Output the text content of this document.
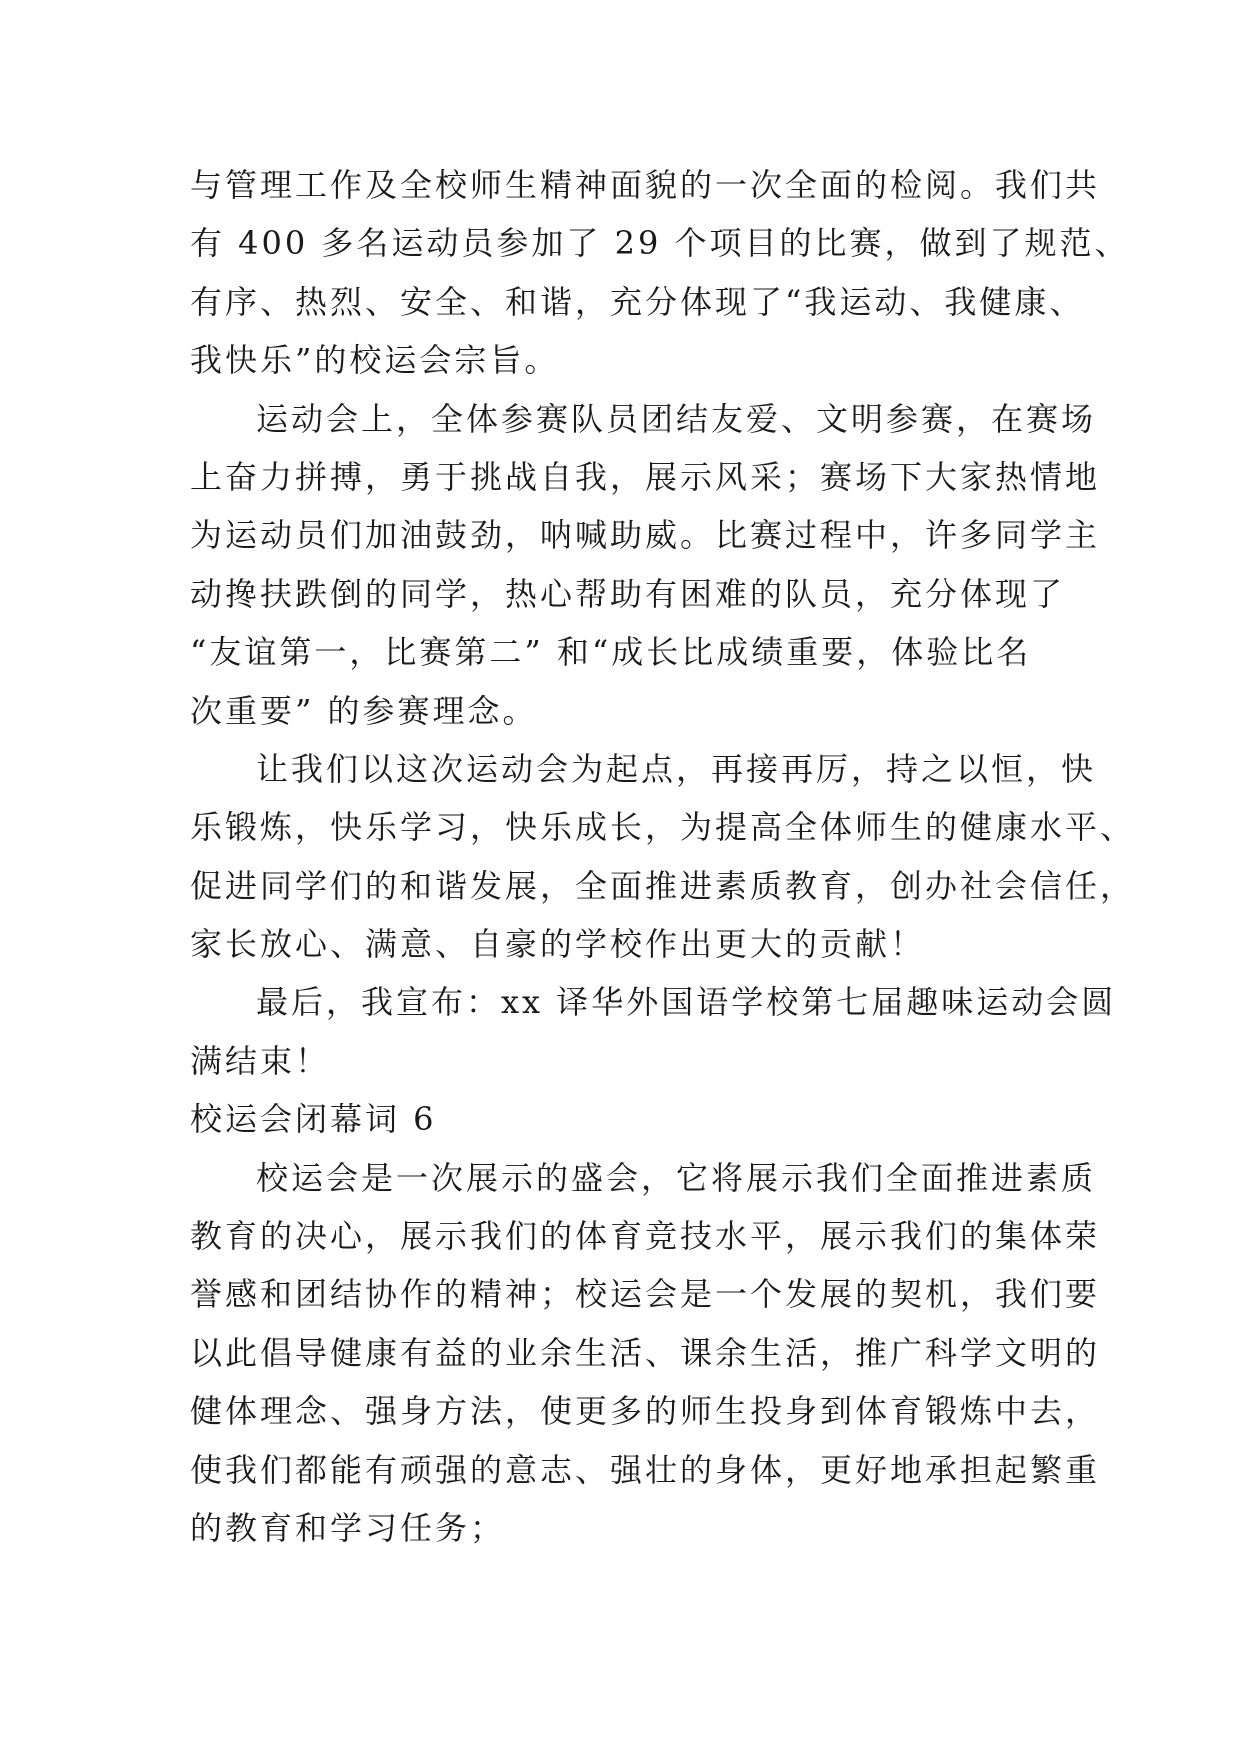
与管理工作及全校师生精神面貌的一次全面的检阅。我们共
有 400 多名运动员参加了 29 个项目的比赛，做到了规范、
有序、热烈、安全、和谐，充分体现了“我运动、我健康、
我快乐”的校运会宗旨。
运动会上，全体参赛队员团结友爱、文明参赛，在赛场
上奋力拼搏，勇于挑战自我，展示风采；赛场下大家热情地
为运动员们加油鼓劲，呐喊助威。比赛过程中，许多同学主
动搀扶跌倒的同学，热心帮助有困难的队员，充分体现了
“友谊第一，比赛第二” 和“成长比成绩重要，体验比名
次重要” 的参赛理念。
让我们以这次运动会为起点，再接再厉，持之以恒，快
乐锻炼，快乐学习，快乐成长，为提高全体师生的健康水平、
促进同学们的和谐发展，全面推进素质教育，创办社会信任，
家长放心、满意、自豪的学校作出更大的贡献！
最后，我宣布：xx 译华外国语学校第七届趣味运动会圆
满结束！
校运会闭幕词 6
校运会是一次展示的盛会，它将展示我们全面推进素质
教育的决心，展示我们的体育竞技水平，展示我们的集体荣
誉感和团结协作的精神；校运会是一个发展的契机，我们要
以此倡导健康有益的业余生活、课余生活，推广科学文明的
健体理念、强身方法，使更多的师生投身到体育锻炼中去，
使我们都能有顽强的意志、强壮的身体，更好地承担起繁重
的教育和学习任务；
